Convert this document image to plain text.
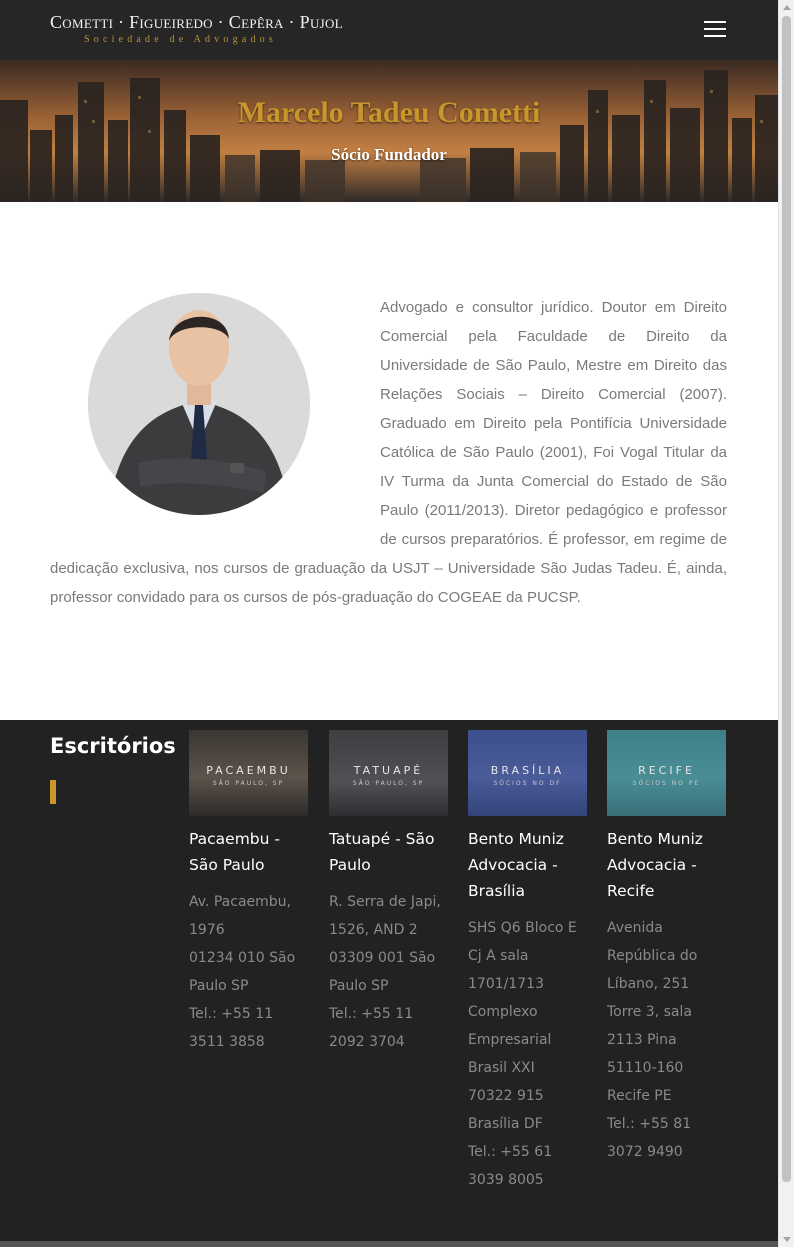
Cometti · Figueiredo · Cepêra · Pujol
Sociedade de Advogados
Marcelo Tadeu Cometti
Sócio Fundador

Advogado e consultor jurídico. Doutor em Direito Comercial pela Faculdade de Direito da Universidade de São Paulo, Mestre em Direito das Relações Sociais – Direito Comercial (2007). Graduado em Direito pela Pontifícia Universidade Católica de São Paulo (2001), Foi Vogal Titular da IV Turma da Junta Comercial do Estado de São Paulo (2011/2013). Diretor pedagógico e professor de cursos preparatórios. É professor, em regime de dedicação exclusiva, nos cursos de graduação da USJT – Universidade São Judas Tadeu. É, ainda, professor convidado para os cursos de pós-graduação do COGEAE da PUCSP.

Escritórios
PACAEMBU
SÃO PAULO, SP
Pacaembu - São Paulo
Av. Pacaembu, 1976
01234 010 São Paulo SP
Tel.: +55 11 3511 3858
TATUAPÉ
SÃO PAULO, SP
Tatuapé - São Paulo
R. Serra de Japi, 1526, AND 2
03309 001 São Paulo SP
Tel.: +55 11 2092 3704
BRASÍLIA
SÓCIOS NO DF
Bento Muniz Advocacia - Brasília
SHS Q6 Bloco E Cj A sala 1701/1713 Complexo Empresarial Brasil XXI
70322 915 Brasília DF
Tel.: +55 61 3039 8005
RECIFE
SÓCIOS NO PE
Bento Muniz Advocacia - Recife
Avenida República do Líbano, 251 Torre 3, sala 2113 Pina
51110-160 Recife PE
Tel.: +55 81 3072 9490
